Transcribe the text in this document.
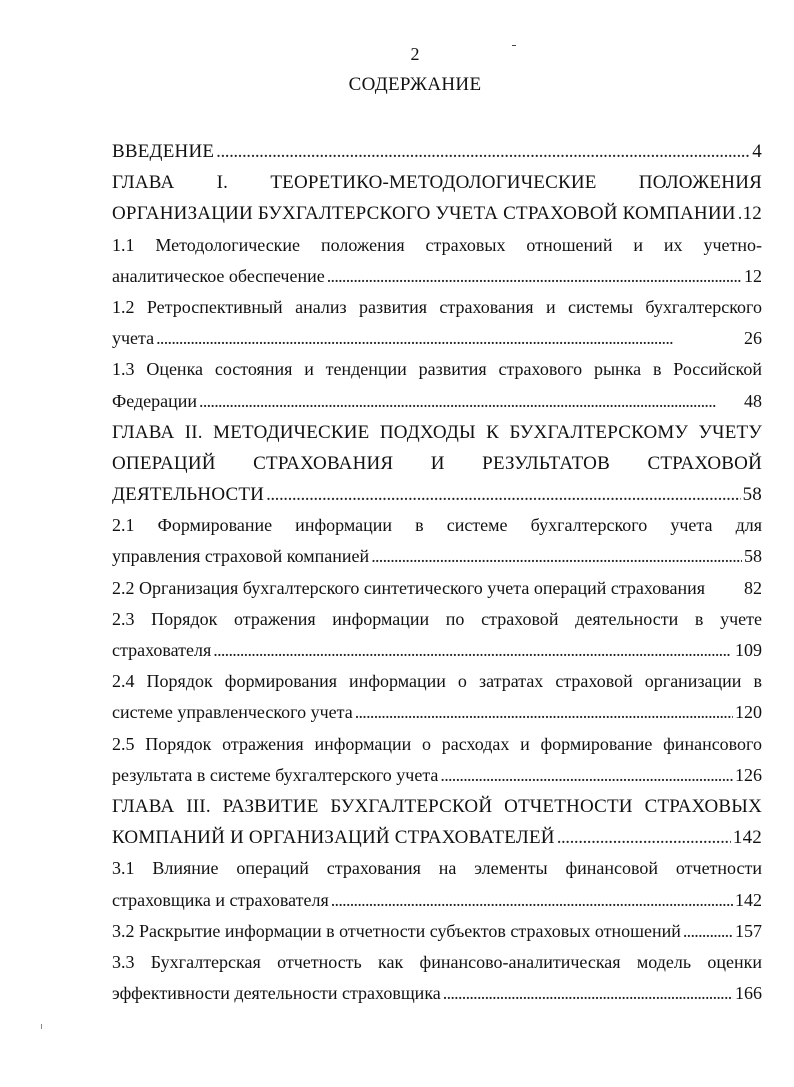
2
СОДЕРЖАНИЕ
ВВЕДЕНИЕ . . .	4
ГЛАВА I. ТЕОРЕТИКО-МЕТОДОЛОГИЧЕСКИЕ ПОЛОЖЕНИЯ
ОРГАНИЗАЦИИ БУХГАЛТЕРСКОГО УЧЕТА СТРАХОВОЙ КОМПАНИИ . . . 12
1.1 Методологические положения страховых отношений и их учетно-
аналитическое обеспечение . . .	12
1.2 Ретроспективный анализ развития страхования и системы бухгалтерского
учета . . .	26
1.3 Оценка состояния и тенденции развития страхового рынка в Российской
Федерации . . .	48
ГЛАВА II. МЕТОДИЧЕСКИЕ ПОДХОДЫ К БУХГАЛТЕРСКОМУ УЧЕТУ
ОПЕРАЦИЙ СТРАХОВАНИЯ И РЕЗУЛЬТАТОВ СТРАХОВОЙ
ДЕЯТЕЛЬНОСТИ . . .	58
2.1 Формирование информации в системе бухгалтерского учета для
управления страховой компанией . . .	58
2.2 Организация бухгалтерского синтетического учета операций страхования	82
2.3 Порядок отражения информации по страховой деятельности в учете
страхователя . . .	109
2.4 Порядок формирования информации о затратах страховой организации в
системе управленческого учета . . .	120
2.5 Порядок отражения информации о расходах и формирование финансового
результата в системе бухгалтерского учета . . .	126
ГЛАВА III. РАЗВИТИЕ БУХГАЛТЕРСКОЙ ОТЧЕТНОСТИ СТРАХОВЫХ
КОМПАНИЙ И ОРГАНИЗАЦИЙ СТРАХОВАТЕЛЕЙ . . .	142
3.1 Влияние операций страхования на элементы финансовой отчетности
страховщика и страхователя . . .	142
3.2 Раскрытие информации в отчетности субъектов страховых отношений . . .	157
3.3 Бухгалтерская отчетность как финансово-аналитическая модель оценки
эффективности деятельности страховщика . . .	166
